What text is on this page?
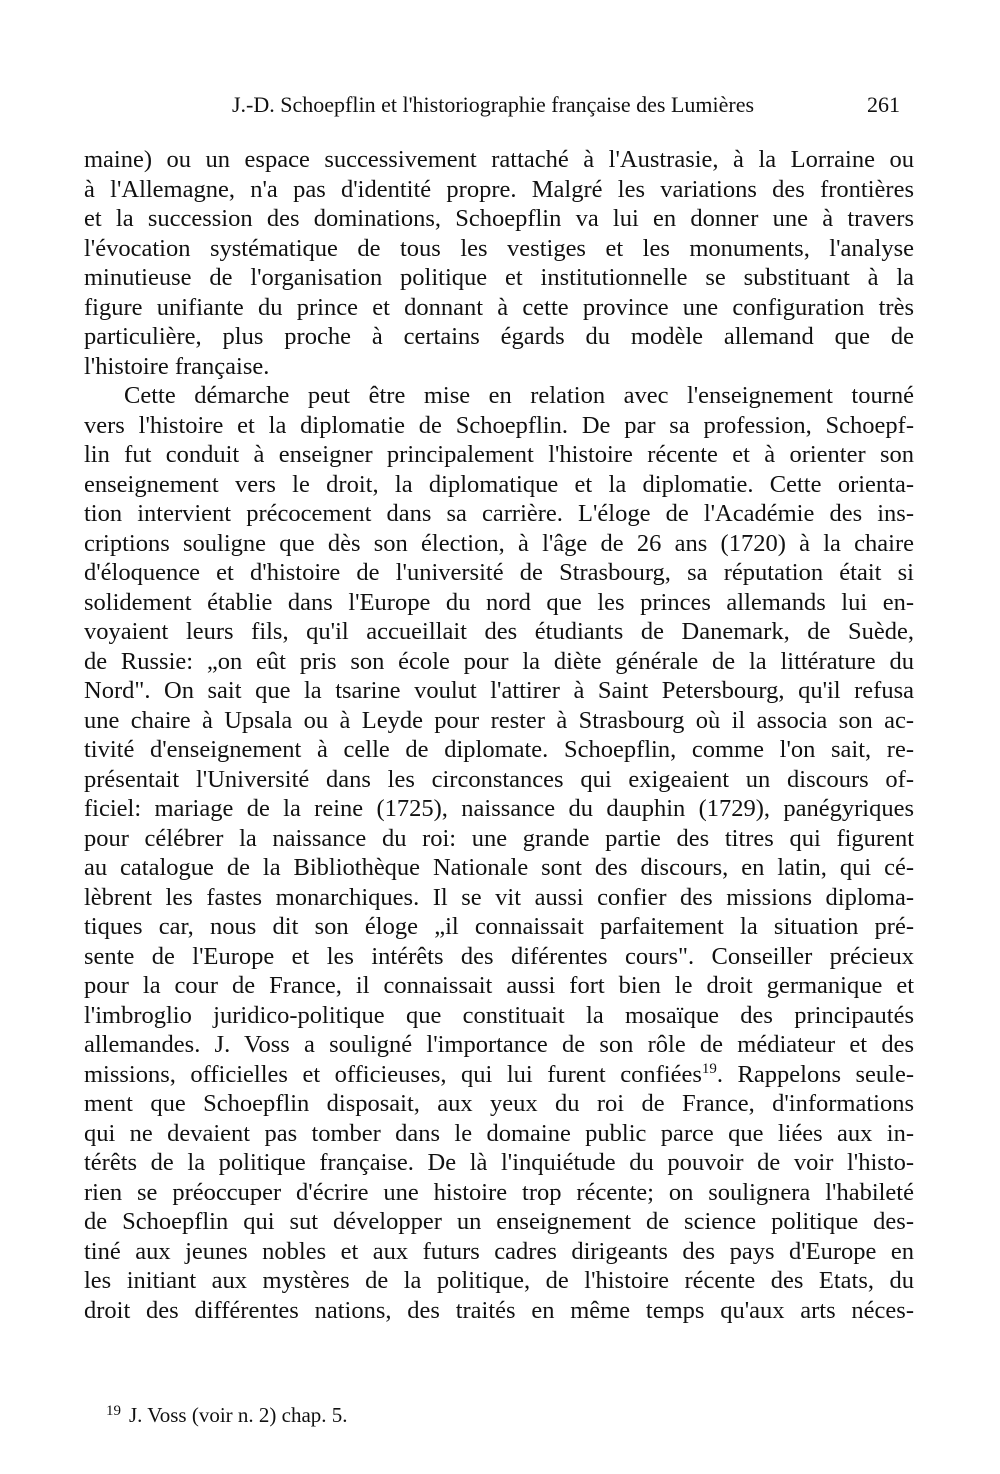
J.-D. Schoepflin et l'historiographie française des Lumières	261
maine) ou un espace successivement rattaché à l'Austrasie, à la Lorraine ou
à l'Allemagne, n'a pas d'identité propre. Malgré les variations des frontières
et la succession des dominations, Schoepflin va lui en donner une à travers
l'évocation systématique de tous les vestiges et les monuments, l'analyse
minutieuse de l'organisation politique et institutionnelle se substituant à la
figure unifiante du prince et donnant à cette province une configuration très
particulière, plus proche à certains égards du modèle allemand que de
l'histoire française.
Cette démarche peut être mise en relation avec l'enseignement tourné
vers l'histoire et la diplomatie de Schoepflin. De par sa profession, Schoepf-
lin fut conduit à enseigner principalement l'histoire récente et à orienter son
enseignement vers le droit, la diplomatique et la diplomatie. Cette orienta-
tion intervient précocement dans sa carrière. L'éloge de l'Académie des ins-
criptions souligne que dès son élection, à l'âge de 26 ans (1720) à la chaire
d'éloquence et d'histoire de l'université de Strasbourg, sa réputation était si
solidement établie dans l'Europe du nord que les princes allemands lui en-
voyaient leurs fils, qu'il accueillait des étudiants de Danemark, de Suède,
de Russie: „on eût pris son école pour la diète générale de la littérature du
Nord". On sait que la tsarine voulut l'attirer à Saint Petersbourg, qu'il refusa
une chaire à Upsala ou à Leyde pour rester à Strasbourg où il associa son ac-
tivité d'enseignement à celle de diplomate. Schoepflin, comme l'on sait, re-
présentait l'Université dans les circonstances qui exigeaient un discours of-
ficiel: mariage de la reine (1725), naissance du dauphin (1729), panégyriques
pour célébrer la naissance du roi: une grande partie des titres qui figurent
au catalogue de la Bibliothèque Nationale sont des discours, en latin, qui cé-
lèbrent les fastes monarchiques. Il se vit aussi confier des missions diploma-
tiques car, nous dit son éloge „il connaissait parfaitement la situation pré-
sente de l'Europe et les intérêts des diférentes cours". Conseiller précieux
pour la cour de France, il connaissait aussi fort bien le droit germanique et
l'imbroglio juridico-politique que constituait la mosaïque des principautés
allemandes. J. Voss a souligné l'importance de son rôle de médiateur et des
missions, officielles et officieuses, qui lui furent confiées$^{19}$. Rappelons seule-
ment que Schoepflin disposait, aux yeux du roi de France, d'informations
qui ne devaient pas tomber dans le domaine public parce que liées aux in-
térêts de la politique française. De là l'inquiétude du pouvoir de voir l'histo-
rien se préoccuper d'écrire une histoire trop récente; on soulignera l'habileté
de Schoepflin qui sut développer un enseignement de science politique des-
tiné aux jeunes nobles et aux futurs cadres dirigeants des pays d'Europe en
les initiant aux mystères de la politique, de l'histoire récente des Etats, du
droit des différentes nations, des traités en même temps qu'aux arts néces-
$^{19}$ J. Voss (voir n. 2) chap. 5.
